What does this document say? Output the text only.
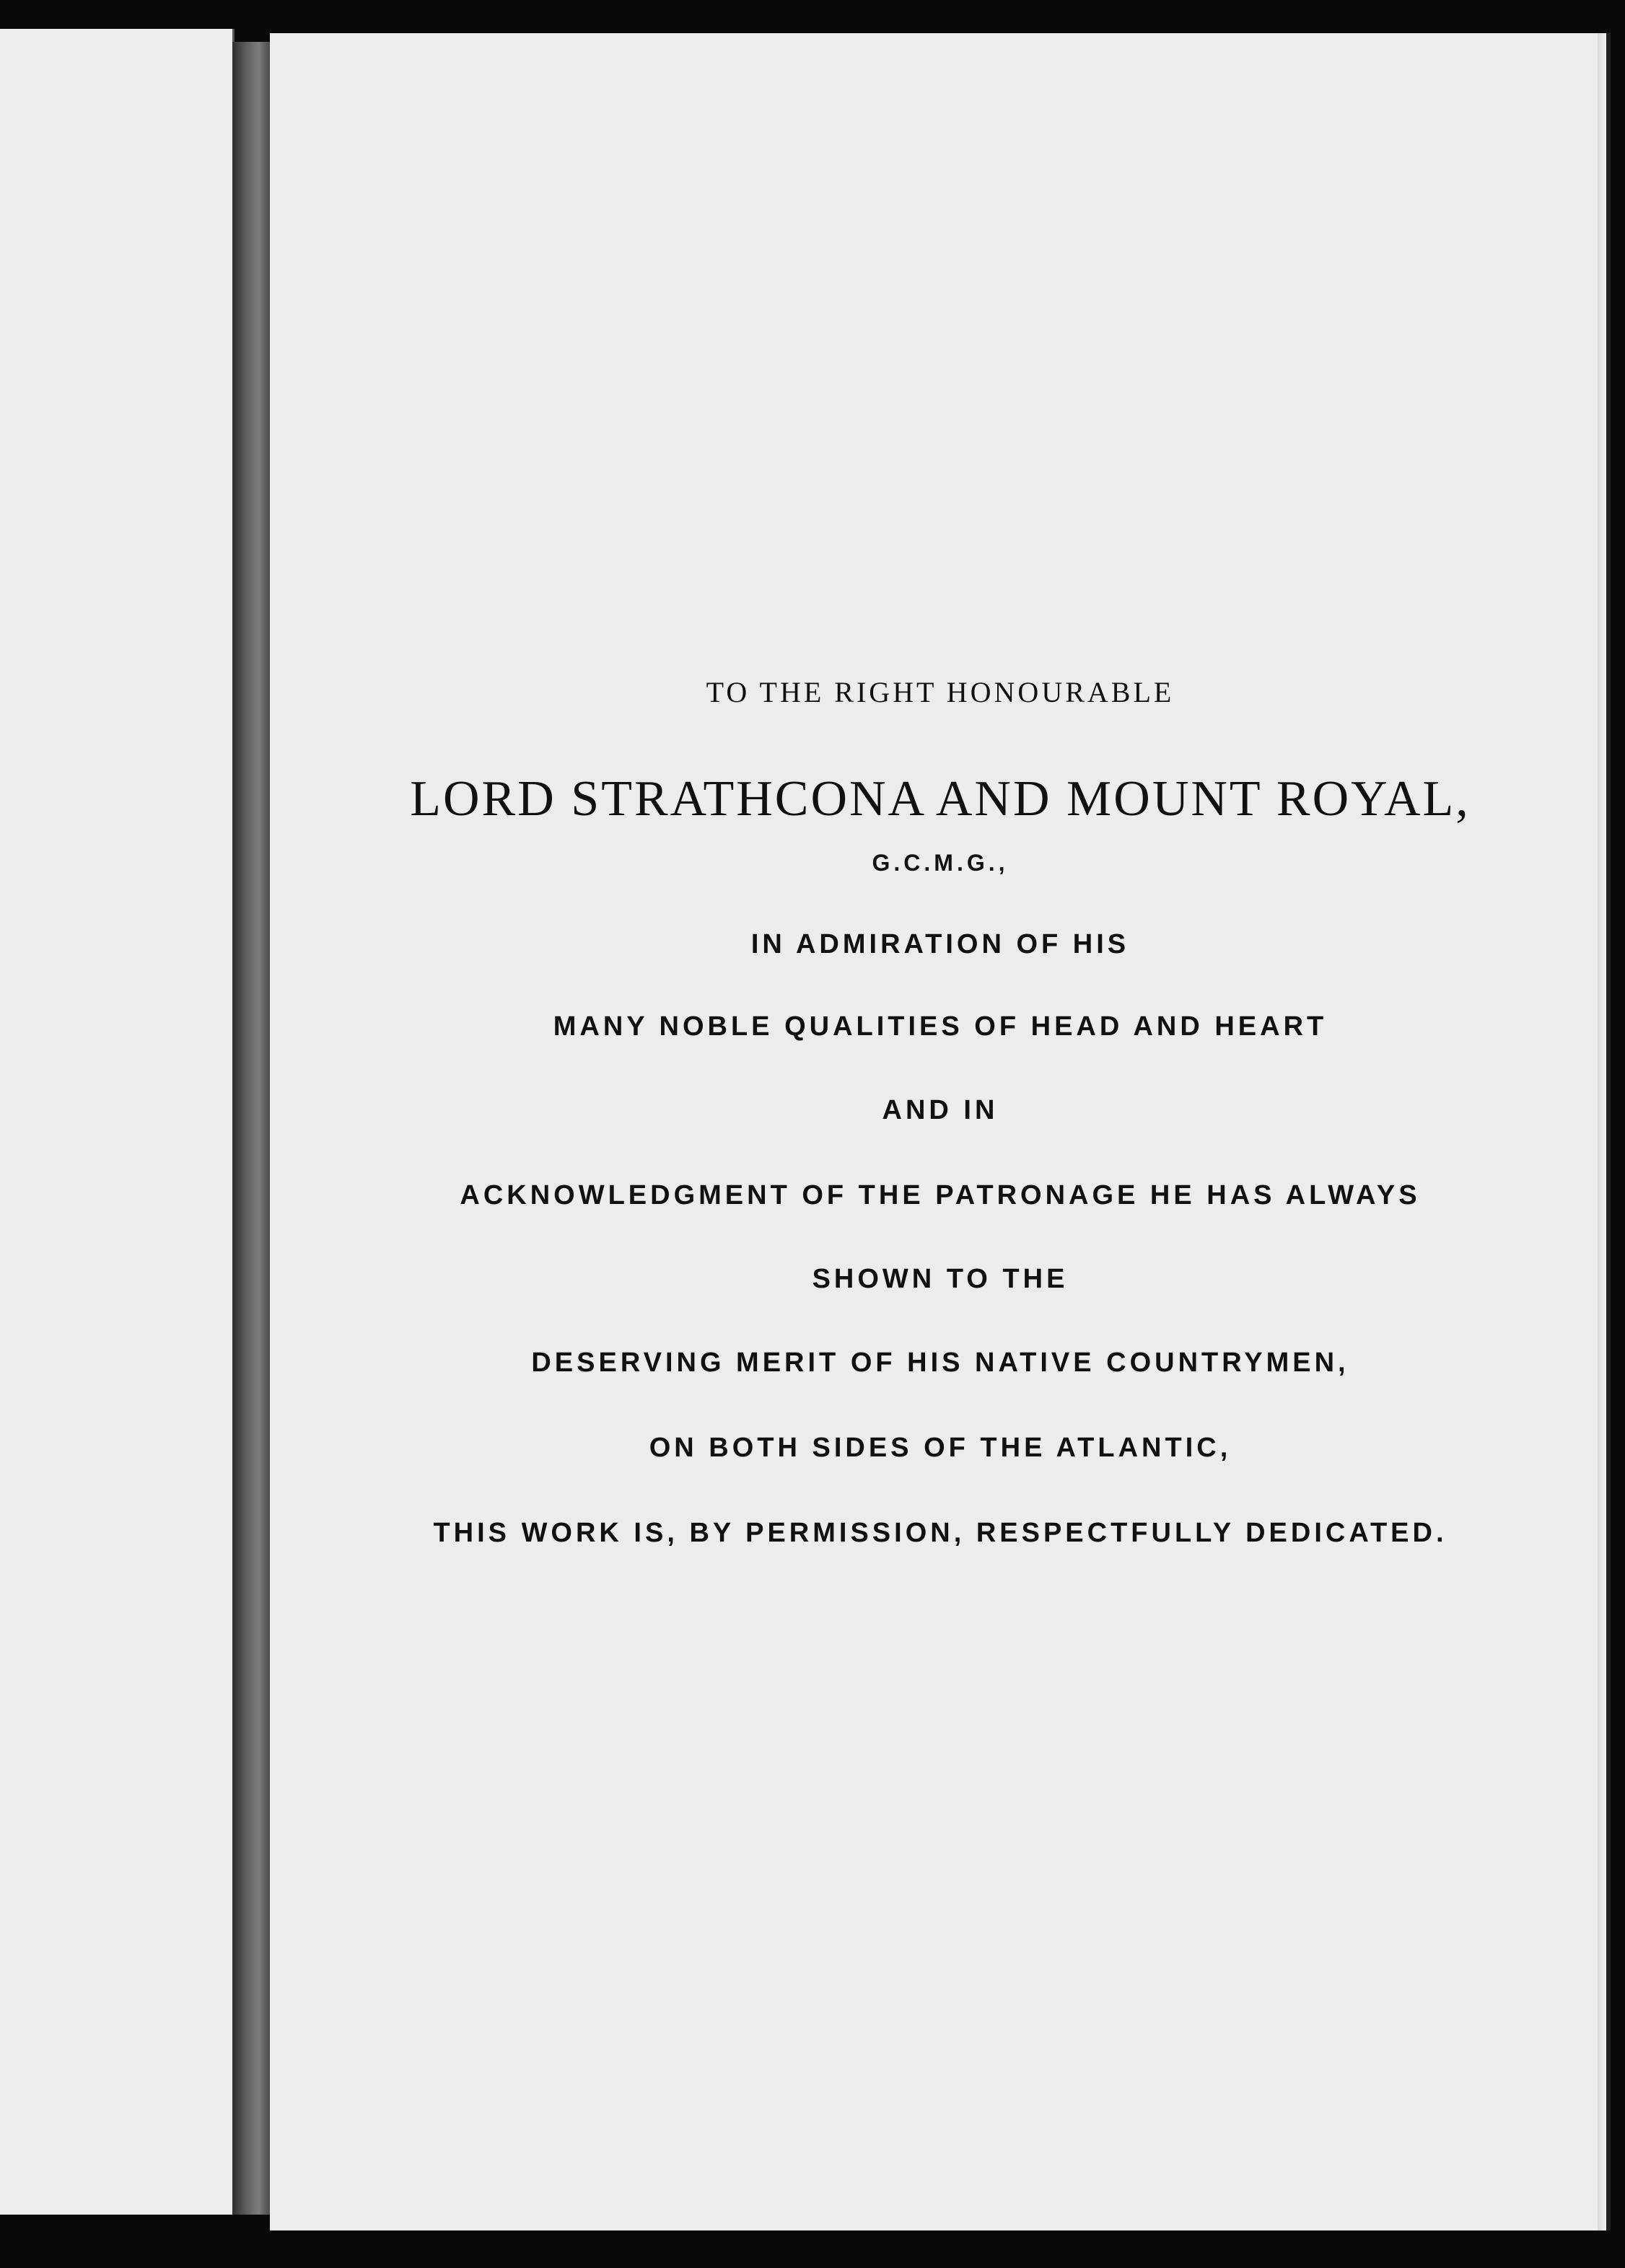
TO THE RIGHT HONOURABLE

LORD STRATHCONA AND MOUNT ROYAL,

G.C.M.G.,

IN ADMIRATION OF HIS

MANY NOBLE QUALITIES OF HEAD AND HEART

AND IN

ACKNOWLEDGMENT OF THE PATRONAGE HE HAS ALWAYS

SHOWN TO THE

DESERVING MERIT OF HIS NATIVE COUNTRYMEN,

ON BOTH SIDES OF THE ATLANTIC,

THIS WORK IS, BY PERMISSION, RESPECTFULLY DEDICATED.
